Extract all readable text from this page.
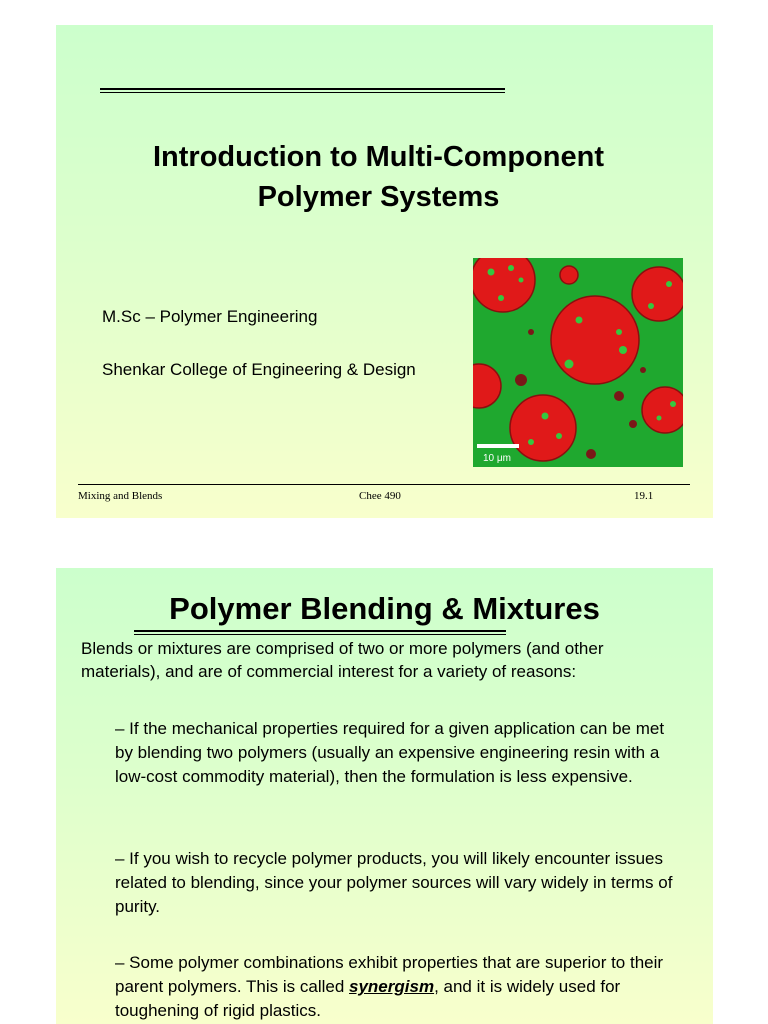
Introduction to Multi-Component
Polymer Systems
M.Sc – Polymer Engineering
Shenkar College of Engineering & Design
10 μm
Mixing and Blends	Chee 490	19.1
Polymer Blending & Mixtures
Blends or mixtures are comprised of two or more polymers (and other materials), and are of commercial interest for a variety of reasons:
– If the mechanical properties required for a given application can be met by blending two polymers (usually an expensive engineering resin with a low-cost commodity material), then the formulation is less expensive.
– If you wish to recycle polymer products, you will likely encounter issues related to blending, since your polymer sources will vary widely in terms of purity.
– Some polymer combinations exhibit properties that are superior to their parent polymers. This is called synergism, and it is widely used for toughening of rigid plastics.
